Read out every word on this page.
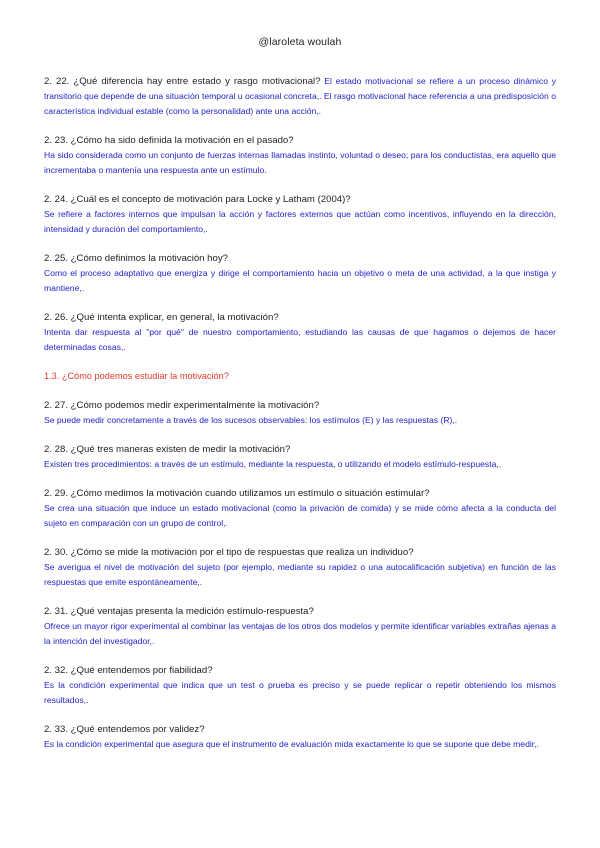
@laroleta woulah
2. 22. ¿Qué diferencia hay entre estado y rasgo motivacional? El estado motivacional se refiere a un proceso dinámico y transitorio que depende de una situación temporal u ocasional concreta,. El rasgo motivacional hace referencia a una predisposición o característica individual estable (como la personalidad) ante una acción,.
2. 23. ¿Cómo ha sido definida la motivación en el pasado?
Ha sido considerada como un conjunto de fuerzas internas llamadas instinto, voluntad o deseo; para los conductistas, era aquello que incrementaba o mantenía una respuesta ante un estímulo.
2. 24. ¿Cuál es el concepto de motivación para Locke y Latham (2004)?
Se refiere a factores internos que impulsan la acción y factores externos que actúan como incentivos, influyendo en la dirección, intensidad y duración del comportamiento,.
2. 25. ¿Cómo definimos la motivación hoy?
Como el proceso adaptativo que energiza y dirige el comportamiento hacia un objetivo o meta de una actividad, a la que instiga y mantiene,.
2. 26. ¿Qué intenta explicar, en general, la motivación?
Intenta dar respuesta al "por qué" de nuestro comportamiento, estudiando las causas de que hagamos o dejemos de hacer determinadas cosas,.
1.3. ¿Cómo podemos estudiar la motivación?
2. 27. ¿Cómo podemos medir experimentalmente la motivación?
Se puede medir concretamente a través de los sucesos observables: los estímulos (E) y las respuestas (R),.
2. 28. ¿Qué tres maneras existen de medir la motivación?
Existen tres procedimientos: a través de un estímulo, mediante la respuesta, o utilizando el modelo estímulo-respuesta,.
2. 29. ¿Cómo medimos la motivación cuando utilizamos un estímulo o situación estimular?
Se crea una situación que induce un estado motivacional (como la privación de comida) y se mide cómo afecta a la conducta del sujeto en comparación con un grupo de control,.
2. 30. ¿Cómo se mide la motivación por el tipo de respuestas que realiza un individuo?
Se averigua el nivel de motivación del sujeto (por ejemplo, mediante su rapidez o una autocalificación subjetiva) en función de las respuestas que emite espontáneamente,.
2. 31. ¿Qué ventajas presenta la medición estímulo-respuesta?
Ofrece un mayor rigor experimental al combinar las ventajas de los otros dos modelos y permite identificar variables extrañas ajenas a la intención del investigador,.
2. 32. ¿Qué entendemos por fiabilidad?
Es la condición experimental que indica que un test o prueba es preciso y se puede replicar o repetir obteniendo los mismos resultados,.
2. 33. ¿Qué entendemos por validez?
Es la condición experimental que asegura que el instrumento de evaluación mida exactamente lo que se supone que debe medir,.
